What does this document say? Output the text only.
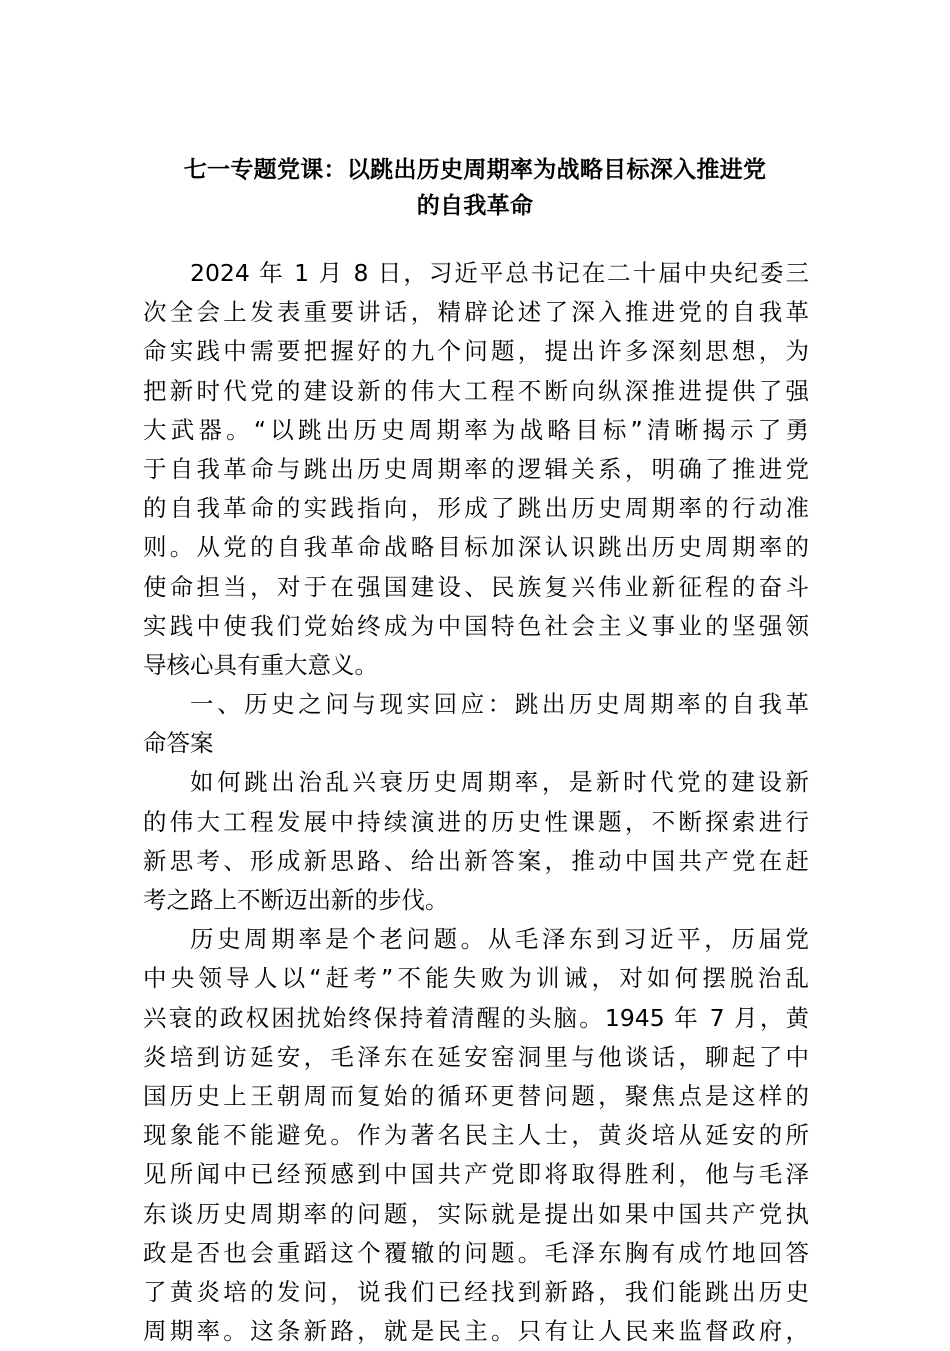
七一专题党课：以跳出历史周期率为战略目标深入推进党
的自我革命
2024 年 1 月 8 日，习近平总书记在二十届中央纪委三
次全会上发表重要讲话，精辟论述了深入推进党的自我革
命实践中需要把握好的九个问题，提出许多深刻思想，为
把新时代党的建设新的伟大工程不断向纵深推进提供了强
大武器。“以跳出历史周期率为战略目标”清晰揭示了勇
于自我革命与跳出历史周期率的逻辑关系，明确了推进党
的自我革命的实践指向，形成了跳出历史周期率的行动准
则。从党的自我革命战略目标加深认识跳出历史周期率的
使命担当，对于在强国建设、民族复兴伟业新征程的奋斗
实践中使我们党始终成为中国特色社会主义事业的坚强领
导核心具有重大意义。
一、历史之问与现实回应：跳出历史周期率的自我革
命答案
如何跳出治乱兴衰历史周期率，是新时代党的建设新
的伟大工程发展中持续演进的历史性课题，不断探索进行
新思考、形成新思路、给出新答案，推动中国共产党在赶
考之路上不断迈出新的步伐。
历史周期率是个老问题。从毛泽东到习近平，历届党
中央领导人以“赶考”不能失败为训诫，对如何摆脱治乱
兴衰的政权困扰始终保持着清醒的头脑。1945 年 7 月，黄
炎培到访延安，毛泽东在延安窑洞里与他谈话，聊起了中
国历史上王朝周而复始的循环更替问题，聚焦点是这样的
现象能不能避免。作为著名民主人士，黄炎培从延安的所
见所闻中已经预感到中国共产党即将取得胜利，他与毛泽
东谈历史周期率的问题，实际就是提出如果中国共产党执
政是否也会重蹈这个覆辙的问题。毛泽东胸有成竹地回答
了黄炎培的发问，说我们已经找到新路，我们能跳出历史
周期率。这条新路，就是民主。只有让人民来监督政府，
